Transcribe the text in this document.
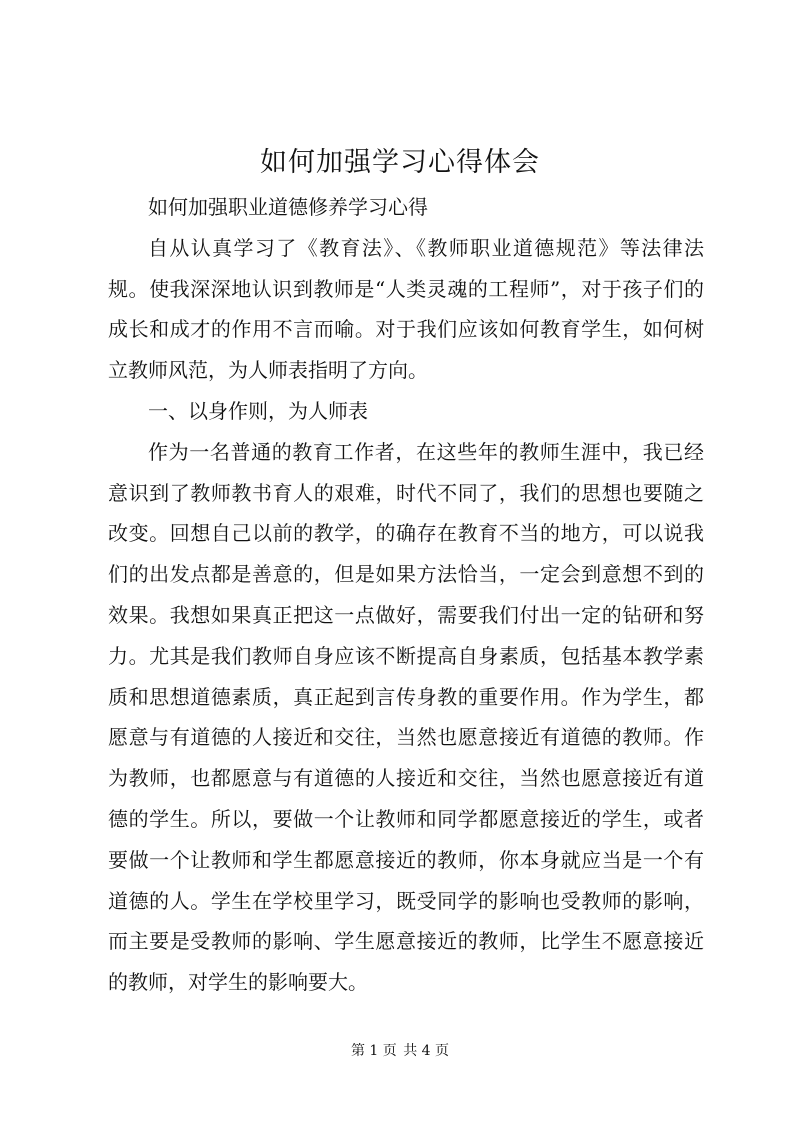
如何加强学习心得体会

如何加强职业道德修养学习心得

自从认真学习了《教育法》、《教师职业道德规范》等法律法规。使我深深地认识到教师是“人类灵魂的工程师”，对于孩子们的成长和成才的作用不言而喻。对于我们应该如何教育学生，如何树立教师风范，为人师表指明了方向。

一、以身作则，为人师表

作为一名普通的教育工作者，在这些年的教师生涯中，我已经意识到了教师教书育人的艰难，时代不同了，我们的思想也要随之改变。回想自己以前的教学，的确存在教育不当的地方，可以说我们的出发点都是善意的，但是如果方法恰当，一定会到意想不到的效果。我想如果真正把这一点做好，需要我们付出一定的钻研和努力。尤其是我们教师自身应该不断提高自身素质，包括基本教学素质和思想道德素质，真正起到言传身教的重要作用。作为学生，都愿意与有道德的人接近和交往，当然也愿意接近有道德的教师。作为教师，也都愿意与有道德的人接近和交往，当然也愿意接近有道德的学生。所以，要做一个让教师和同学都愿意接近的学生，或者要做一个让教师和学生都愿意接近的教师，你本身就应当是一个有道德的人。学生在学校里学习，既受同学的影响也受教师的影响，而主要是受教师的影响、学生愿意接近的教师，比学生不愿意接近的教师，对学生的影响要大。

第 1 页 共 4 页
